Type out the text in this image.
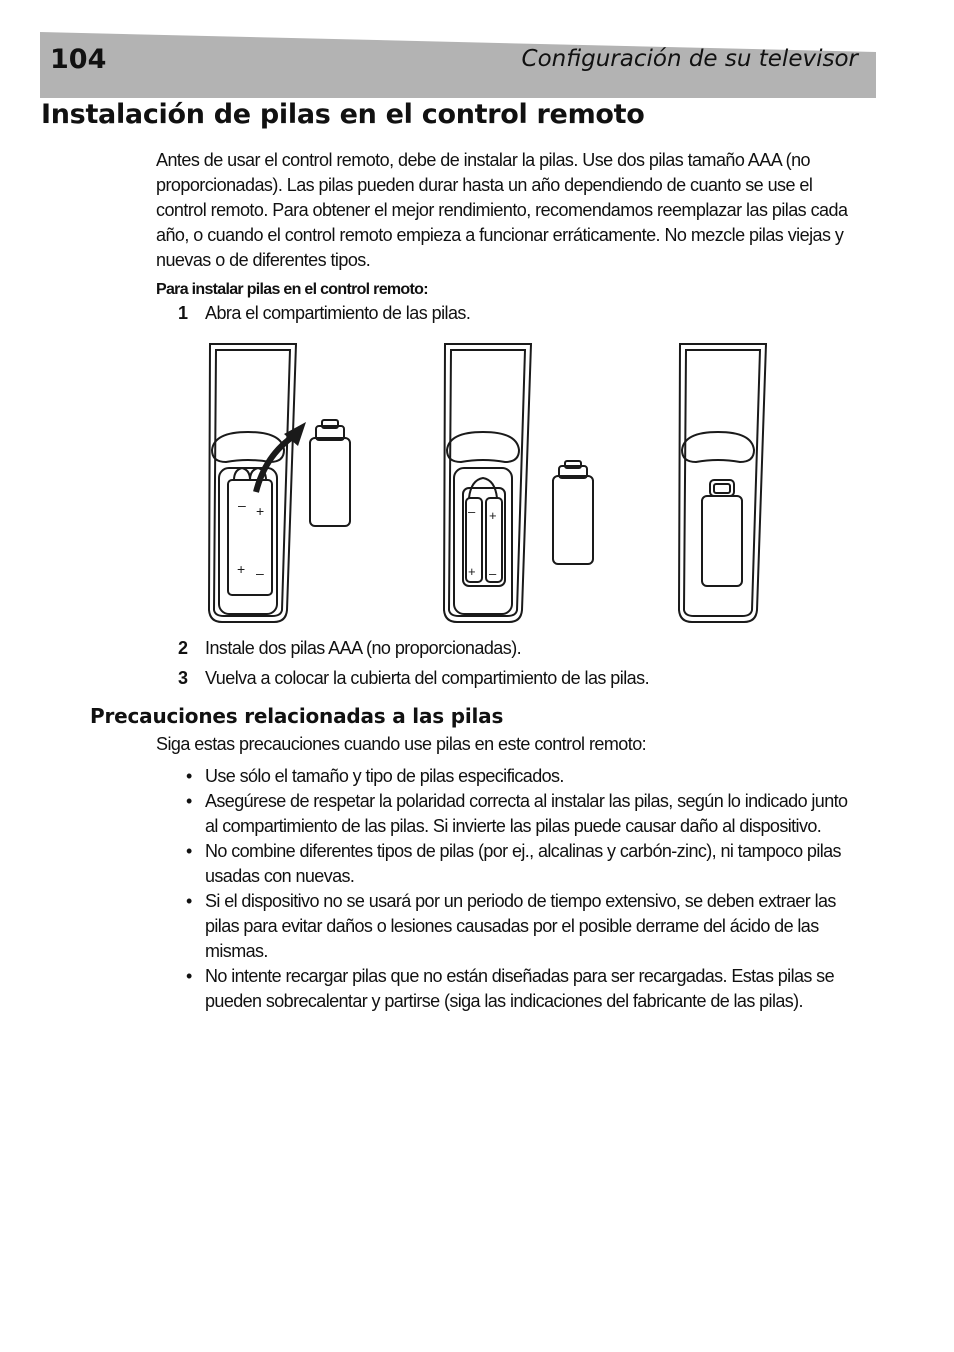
104	Configuración de su televisor
Instalación de pilas en el control remoto
Antes de usar el control remoto, debe de instalar la pilas. Use dos pilas tamaño AAA (no
proporcionadas). Las pilas pueden durar hasta un año dependiendo de cuanto se use el
control remoto. Para obtener el mejor rendimiento, recomendamos reemplazar las pilas cada
año, o cuando el control remoto empieza a funcionar erráticamente. No mezcle pilas viejas y
nuevas o de diferentes tipos.
Para instalar pilas en el control remoto:
1 Abra el compartimiento de las pilas.
– +
+ –
– +
+ –
2 Instale dos pilas AAA (no proporcionadas).
3 Vuelva a colocar la cubierta del compartimiento de las pilas.
Precauciones relacionadas a las pilas
Siga estas precauciones cuando use pilas en este control remoto:
• Use sólo el tamaño y tipo de pilas especificados.
• Asegúrese de respetar la polaridad correcta al instalar las pilas, según lo indicado junto
al compartimiento de las pilas. Si invierte las pilas puede causar daño al dispositivo.
• No combine diferentes tipos de pilas (por ej., alcalinas y carbón-zinc), ni tampoco pilas
usadas con nuevas.
• Si el dispositivo no se usará por un periodo de tiempo extensivo, se deben extraer las
pilas para evitar daños o lesiones causadas por el posible derrame del ácido de las
mismas.
• No intente recargar pilas que no están diseñadas para ser recargadas. Estas pilas se
pueden sobrecalentar y partirse (siga las indicaciones del fabricante de las pilas).
